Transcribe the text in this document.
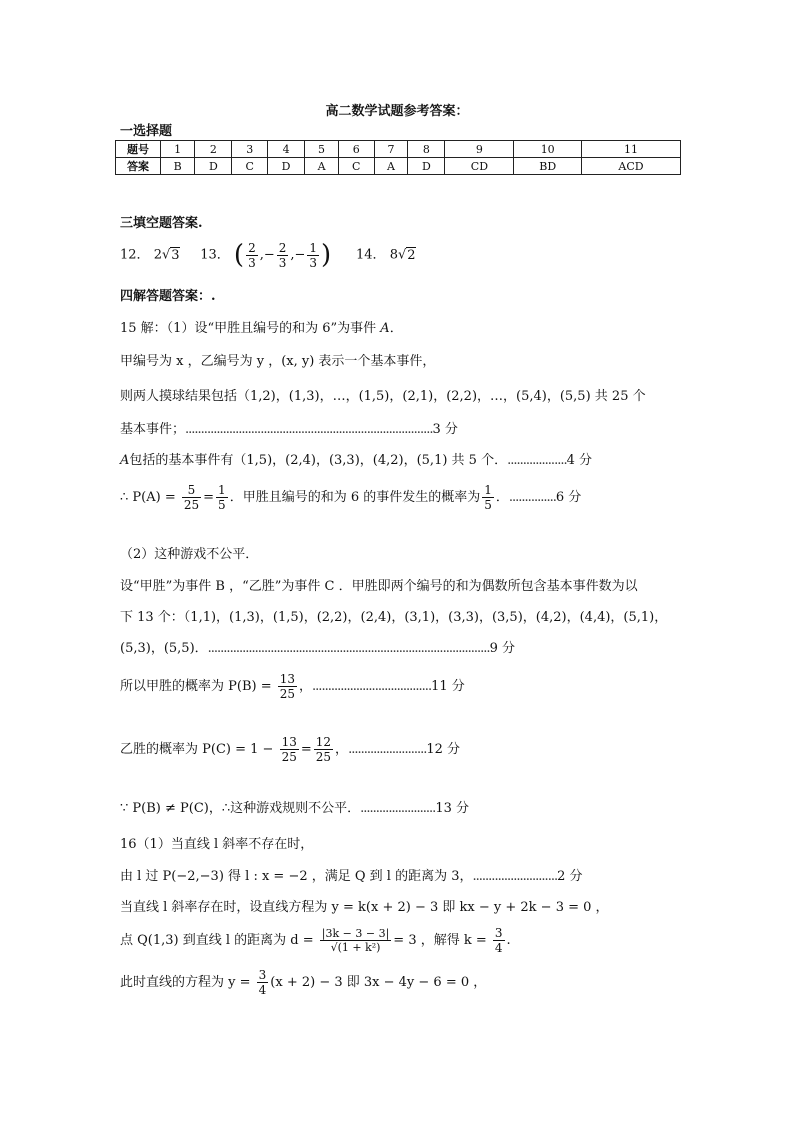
高二数学试题参考答案：
一选择题
题号	1	2	3	4	5	6	7	8	9	10	11
答案	B	D	C	D	A	C	A	D	CD	BD	ACD
三填空题答案.
12． 2√3 13． ( $\frac{2}{3}$ ,− $\frac{2}{3}$ ,− $\frac{1}{3}$ ) 14． 8√2
四解答题答案：.
15 解：（1）设“甲胜且编号的和为 6”为事件 A．
甲编号为 x ，乙编号为 y ，(x, y) 表示一个基本事件，
则两人摸球结果包括（1,2)，(1,3)，…，(1,5)，(2,1)，(2,2)，…，(5,4)，(5,5) 共 25 个
基本事件；...............................................................................3 分
A包括的基本事件有（1,5)，(2,4)，(3,3)，(4,2)，(5,1) 共 5 个．...................4 分
∴ $P(A) = \frac{5}{25} = \frac{1}{5}$ ．甲胜且编号的和为 6 的事件发生的概率为 $\frac{1}{5}$ ．...............6 分
（2）这种游戏不公平．
设“甲胜”为事件 B ，“乙胜”为事件 C ．甲胜即两个编号的和为偶数所包含基本事件数为以
下 13 个：（1,1)，(1,3)，(1,5)，(2,2)，(2,4)，(3,1)，(3,3)，(3,5)，(4,2)，(4,4)，(5,1)，
(5,3)，(5,5)．..........................................................................................9 分
所以甲胜的概率为 $P(B) = \frac{13}{25}$ ，......................................11 分
乙胜的概率为 $P(C) = 1 - \frac{13}{25} = \frac{12}{25}$ ，.........................12 分
∵ P(B) ≠ P(C)，∴这种游戏规则不公平．........................13 分
16（1）当直线 l 斜率不存在时，
由 l 过 P(−2,−3) 得 l : x = −2 ，满足 Q 到 l 的距离为 3，...........................2 分
当直线 l 斜率存在时，设直线方程为 y = k(x + 2) − 3 即 kx − y + 2k − 3 = 0 ，
点 Q(1,3) 到直线 l 的距离为 $d = \frac{|3k - 3 - 3|}{\text{√(1 + k²)}} = 3$ ，解得 $k = \frac{3}{4}$ .
此时直线的方程为 $y = \frac{3}{4} (x + 2) - 3$ 即 3x − 4y − 6 = 0 ，
